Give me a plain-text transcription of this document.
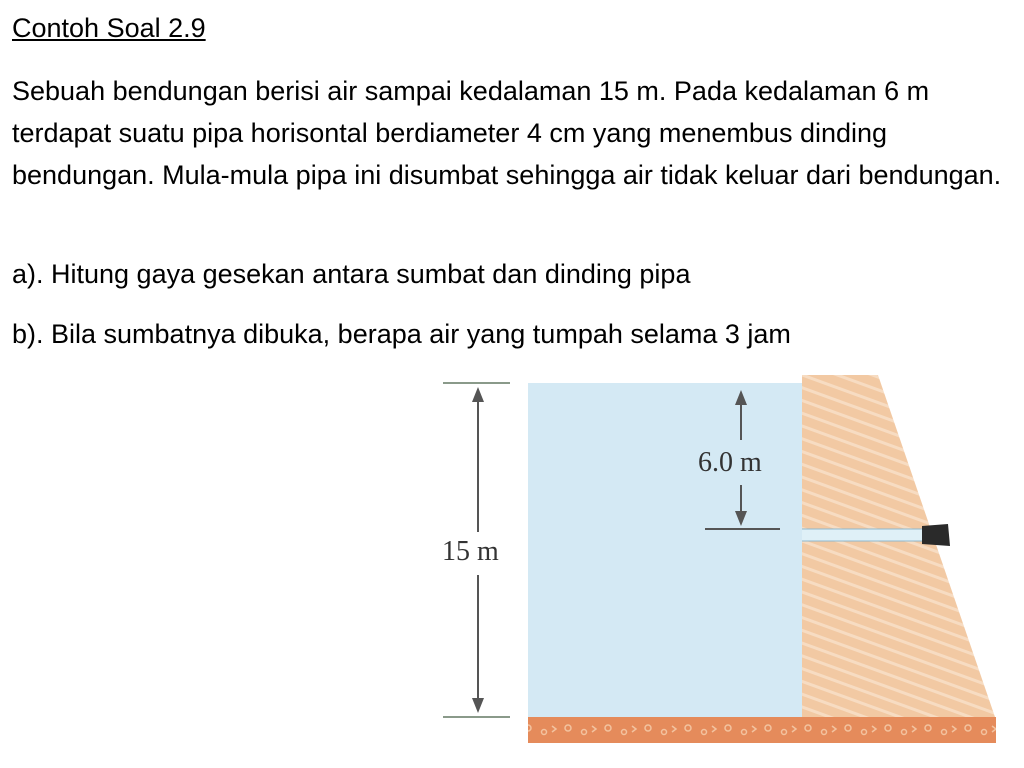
Contoh Soal 2.9

Sebuah bendungan berisi air sampai kedalaman 15 m. Pada kedalaman 6 m terdapat suatu pipa horisontal berdiameter 4 cm yang menembus dinding bendungan. Mula-mula pipa ini disumbat sehingga air tidak keluar dari bendungan.

a). Hitung gaya gesekan antara sumbat dan dinding pipa

b). Bila sumbatnya dibuka, berapa air yang tumpah selama 3 jam

15 m
6.0 m
